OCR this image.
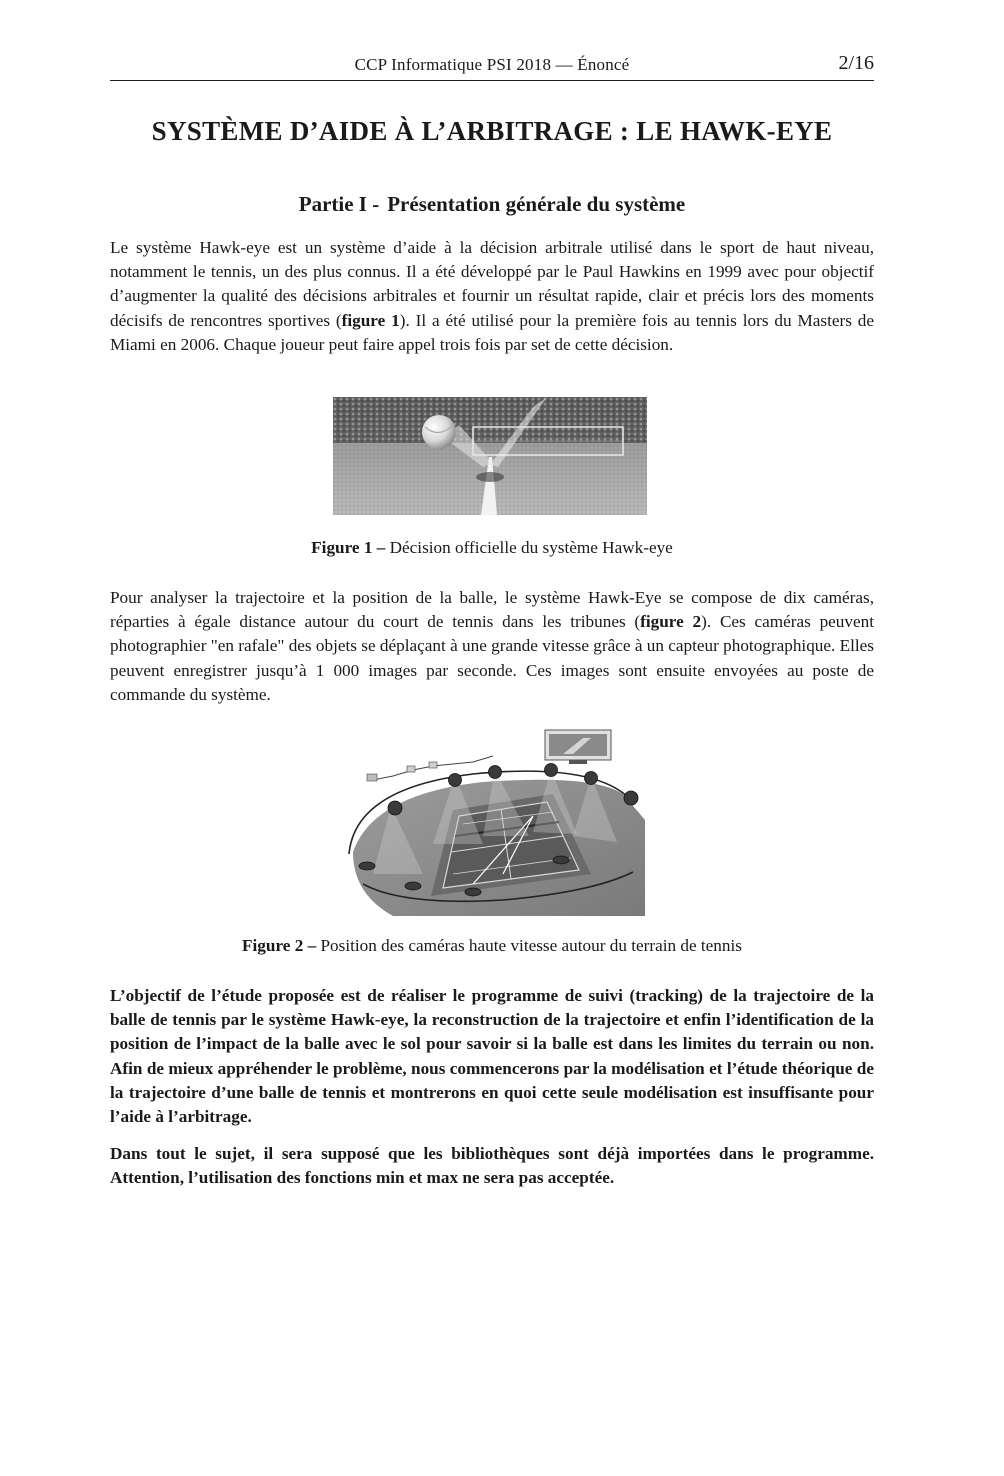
CCP Informatique PSI 2018 — Énoncé	2/16
SYSTÈME D’AIDE À L’ARBITRAGE : LE HAWK-EYE
Partie I - Présentation générale du système
Le système Hawk-eye est un système d’aide à la décision arbitrale utilisé dans le sport de haut niveau, notamment le tennis, un des plus connus. Il a été développé par le Paul Hawkins en 1999 avec pour objectif d’augmenter la qualité des décisions arbitrales et fournir un résultat rapide, clair et précis lors des moments décisifs de rencontres sportives (figure 1). Il a été utilisé pour la première fois au tennis lors du Masters de Miami en 2006. Chaque joueur peut faire appel trois fois par set de cette décision.
Figure 1 – Décision officielle du système Hawk-eye
Pour analyser la trajectoire et la position de la balle, le système Hawk-Eye se compose de dix caméras, réparties à égale distance autour du court de tennis dans les tribunes (figure 2). Ces caméras peuvent photographier "en rafale" des objets se déplaçant à une grande vitesse grâce à un capteur photographique. Elles peuvent enregistrer jusqu’à 1 000 images par seconde. Ces images sont ensuite envoyées au poste de commande du système.
Figure 2 – Position des caméras haute vitesse autour du terrain de tennis
L’objectif de l’étude proposée est de réaliser le programme de suivi (tracking) de la trajectoire de la balle de tennis par le système Hawk-eye, la reconstruction de la trajectoire et enfin l’identification de la position de l’impact de la balle avec le sol pour savoir si la balle est dans les limites du terrain ou non. Afin de mieux appréhender le problème, nous commencerons par la modélisation et l’étude théorique de la trajectoire d’une balle de tennis et montrerons en quoi cette seule modélisation est insuffisante pour l’aide à l’arbitrage.
Dans tout le sujet, il sera supposé que les bibliothèques sont déjà importées dans le programme. Attention, l’utilisation des fonctions min et max ne sera pas acceptée.
